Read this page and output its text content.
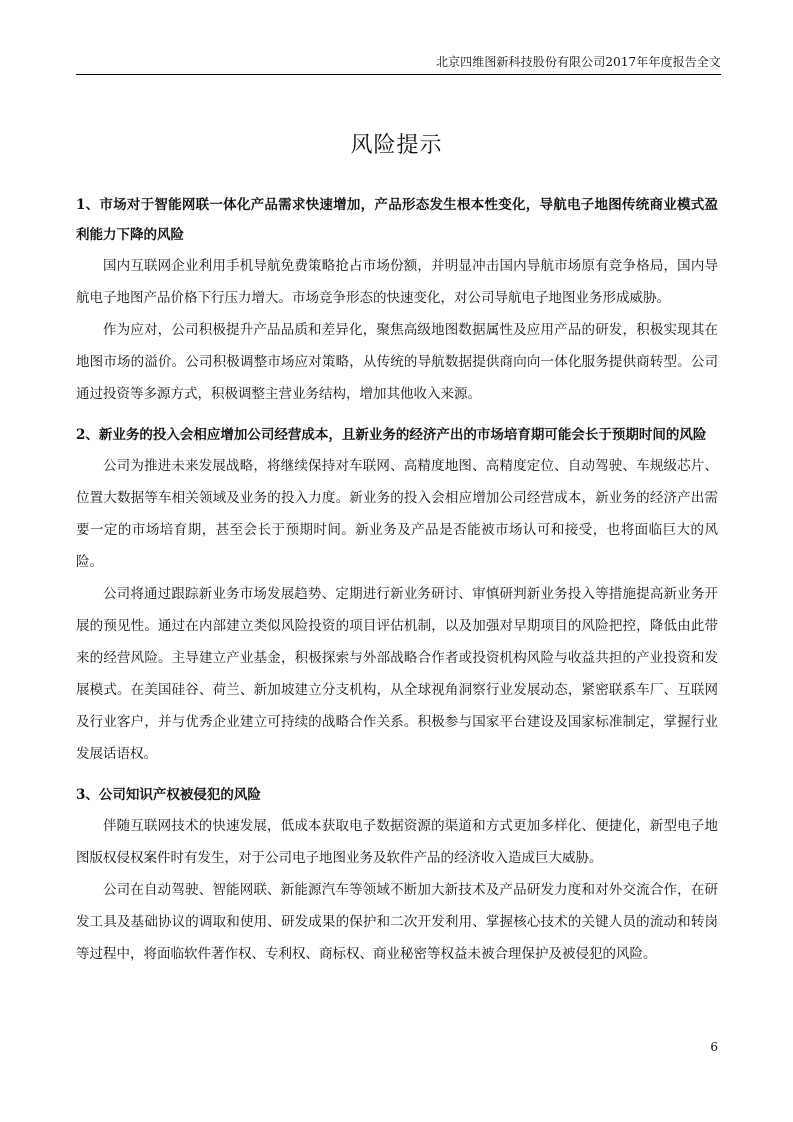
北京四维图新科技股份有限公司2017年年度报告全文
风险提示

1、市场对于智能网联一体化产品需求快速增加，产品形态发生根本性变化，导航电子地图传统商业模式盈利能力下降的风险

国内互联网企业利用手机导航免费策略抢占市场份额，并明显冲击国内导航市场原有竞争格局，国内导航电子地图产品价格下行压力增大。市场竞争形态的快速变化，对公司导航电子地图业务形成威胁。

作为应对，公司积极提升产品品质和差异化，聚焦高级地图数据属性及应用产品的研发，积极实现其在地图市场的溢价。公司积极调整市场应对策略，从传统的导航数据提供商向向一体化服务提供商转型。公司通过投资等多源方式，积极调整主营业务结构，增加其他收入来源。

2、新业务的投入会相应增加公司经营成本，且新业务的经济产出的市场培育期可能会长于预期时间的风险

公司为推进未来发展战略，将继续保持对车联网、高精度地图、高精度定位、自动驾驶、车规级芯片、位置大数据等车相关领域及业务的投入力度。新业务的投入会相应增加公司经营成本，新业务的经济产出需要一定的市场培育期，甚至会长于预期时间。新业务及产品是否能被市场认可和接受，也将面临巨大的风险。

公司将通过跟踪新业务市场发展趋势、定期进行新业务研讨、审慎研判新业务投入等措施提高新业务开展的预见性。通过在内部建立类似风险投资的项目评估机制，以及加强对早期项目的风险把控，降低由此带来的经营风险。主导建立产业基金，积极探索与外部战略合作者或投资机构风险与收益共担的产业投资和发展模式。在美国硅谷、荷兰、新加坡建立分支机构，从全球视角洞察行业发展动态，紧密联系车厂、互联网及行业客户，并与优秀企业建立可持续的战略合作关系。积极参与国家平台建设及国家标准制定，掌握行业发展话语权。

3、公司知识产权被侵犯的风险

伴随互联网技术的快速发展，低成本获取电子数据资源的渠道和方式更加多样化、便捷化，新型电子地图版权侵权案件时有发生，对于公司电子地图业务及软件产品的经济收入造成巨大威胁。

公司在自动驾驶、智能网联、新能源汽车等领域不断加大新技术及产品研发力度和对外交流合作，在研发工具及基础协议的调取和使用、研发成果的保护和二次开发利用、掌握核心技术的关键人员的流动和转岗等过程中，将面临软件著作权、专利权、商标权、商业秘密等权益未被合理保护及被侵犯的风险。

6
